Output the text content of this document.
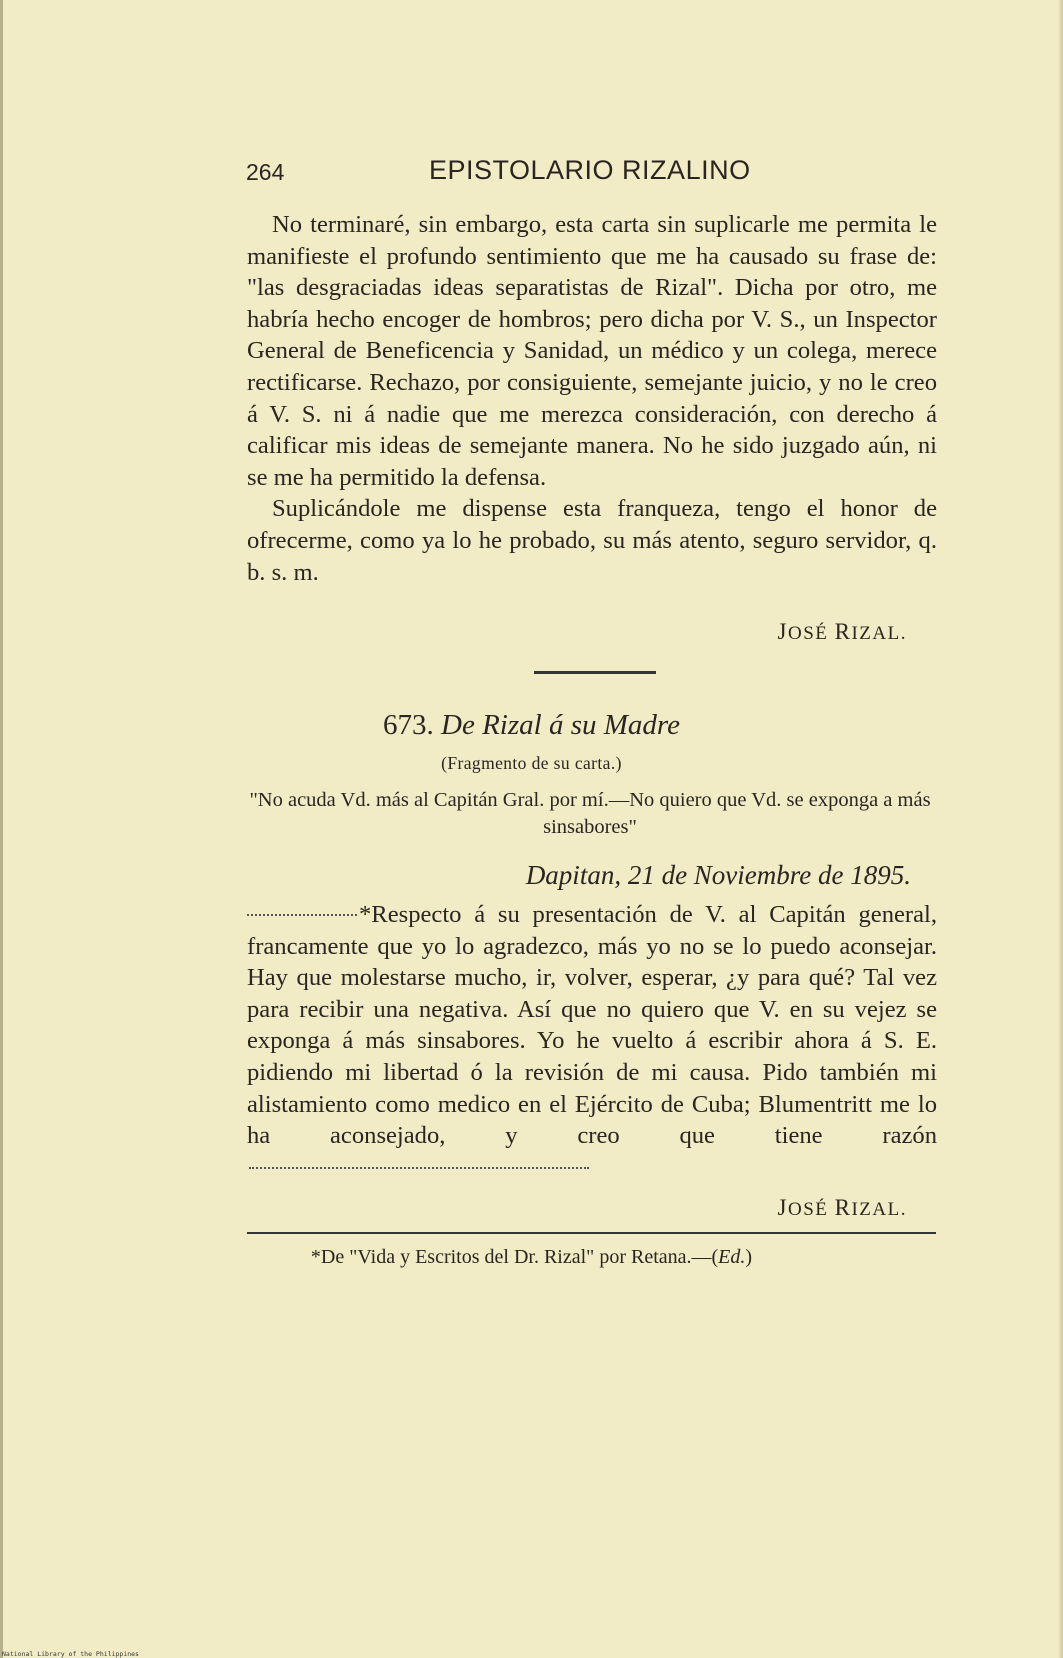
264	EPISTOLARIO RIZALINO

No terminaré, sin embargo, esta carta sin suplicarle me permita le manifieste el profundo sentimiento que me ha causado su frase de: "las desgraciadas ideas separatistas de Rizal". Dicha por otro, me habría hecho encoger de hombros; pero dicha por V. S., un Inspector General de Beneficencia y Sanidad, un médico y un colega, merece rectificarse. Rechazo, por consiguiente, semejante juicio, y no le creo á V. S. ni á nadie que me merezca consideración, con derecho á calificar mis ideas de semejante manera. No he sido juzgado aún, ni se me ha permitido la defensa.

Suplicándole me dispense esta franqueza, tengo el honor de ofrecerme, como ya lo he probado, su más atento, seguro servidor, q. b. s. m.

JOSÉ RIZAL.
673. De Rizal á su Madre
(Fragmento de su carta.)
"No acuda Vd. más al Capitán Gral. por mí.—No quiero que Vd. se exponga a más sinsabores"
Dapitan, 21 de Noviembre de 1895.

*Respecto á su presentación de V. al Capitán general, francamente que yo lo agradezco, más yo no se lo puedo aconsejar. Hay que molestarse mucho, ir, volver, esperar, ¿y para qué? Tal vez para recibir una negativa. Así que no quiero que V. en su vejez se exponga á más sinsabores. Yo he vuelto á escribir ahora á S. E. pidiendo mi libertad ó la revisión de mi causa. Pido también mi alistamiento como medico en el Ejército de Cuba; Blumentritt me lo ha aconsejado, y creo que tiene razón

JOSÉ RIZAL.
*De "Vida y Escritos del Dr. Rizal" por Retana.—(Ed.)
National Library of the Philippines
